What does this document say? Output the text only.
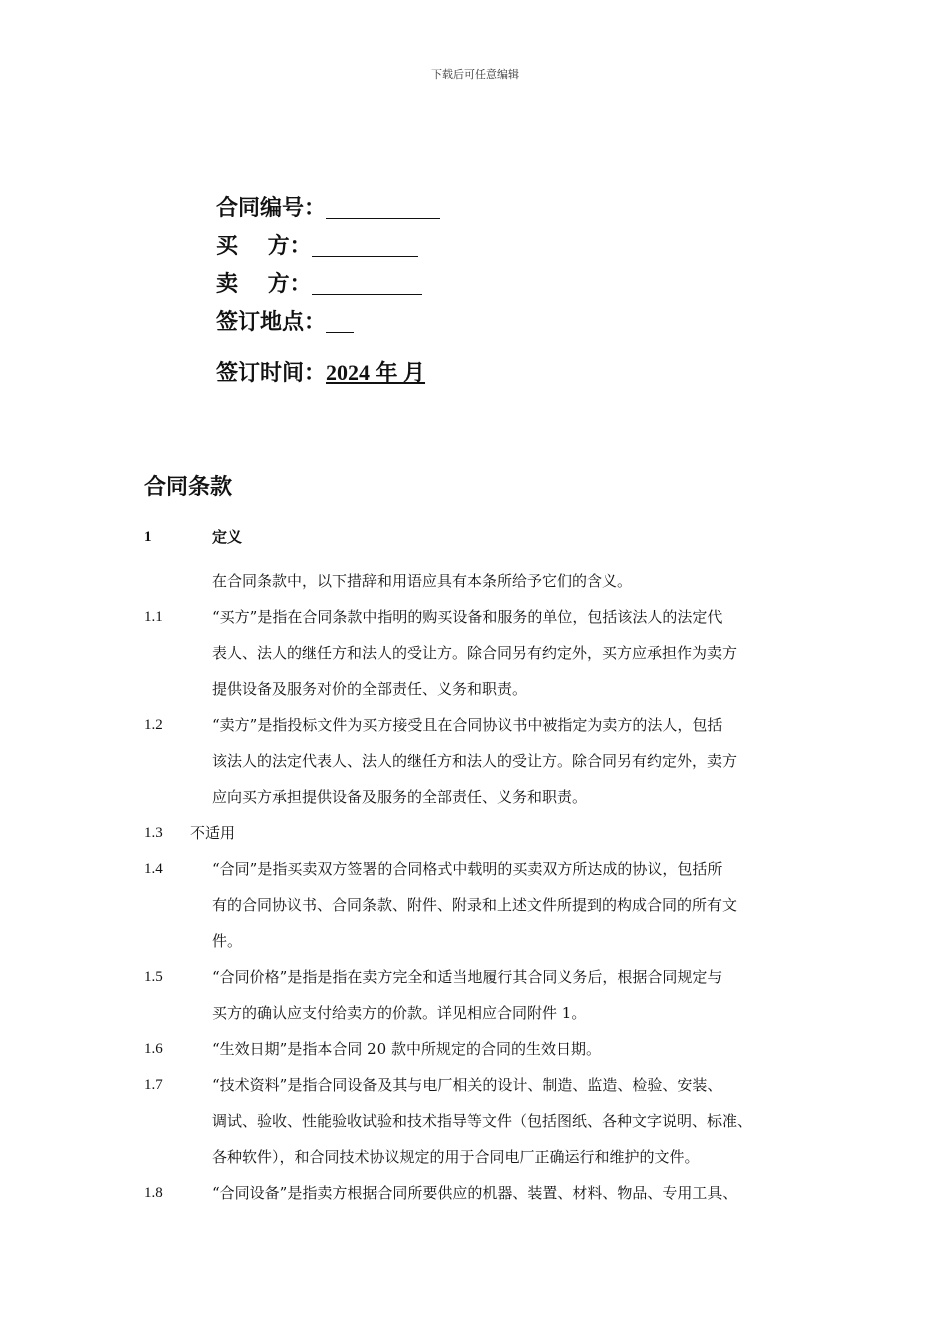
下载后可任意编辑
合同编号：
买　 方：
卖　 方：
签订地点：
签订时间：2024 年 月
合同条款
1	定义
在合同条款中，以下措辞和用语应具有本条所给予它们的含义。
1.1	“买方”是指在合同条款中指明的购买设备和服务的单位，包括该法人的法定代
表人、法人的继任方和法人的受让方。除合同另有约定外，买方应承担作为卖方
提供设备及服务对价的全部责任、义务和职责。
1.2	“卖方”是指投标文件为买方接受且在合同协议书中被指定为卖方的法人，包括
该法人的法定代表人、法人的继任方和法人的受让方。除合同另有约定外，卖方
应向买方承担提供设备及服务的全部责任、义务和职责。
1.3 不适用
1.4	“合同”是指买卖双方签署的合同格式中载明的买卖双方所达成的协议，包括所
有的合同协议书、合同条款、附件、附录和上述文件所提到的构成合同的所有文
件。
1.5	“合同价格”是指是指在卖方完全和适当地履行其合同义务后，根据合同规定与
买方的确认应支付给卖方的价款。详见相应合同附件 1。
1.6	“生效日期”是指本合同 20 款中所规定的合同的生效日期。
1.7	“技术资料”是指合同设备及其与电厂相关的设计、制造、监造、检验、安装、
调试、验收、性能验收试验和技术指导等文件（包括图纸、各种文字说明、标准、
各种软件），和合同技术协议规定的用于合同电厂正确运行和维护的文件。
1.8	“合同设备”是指卖方根据合同所要供应的机器、装置、材料、物品、专用工具、
